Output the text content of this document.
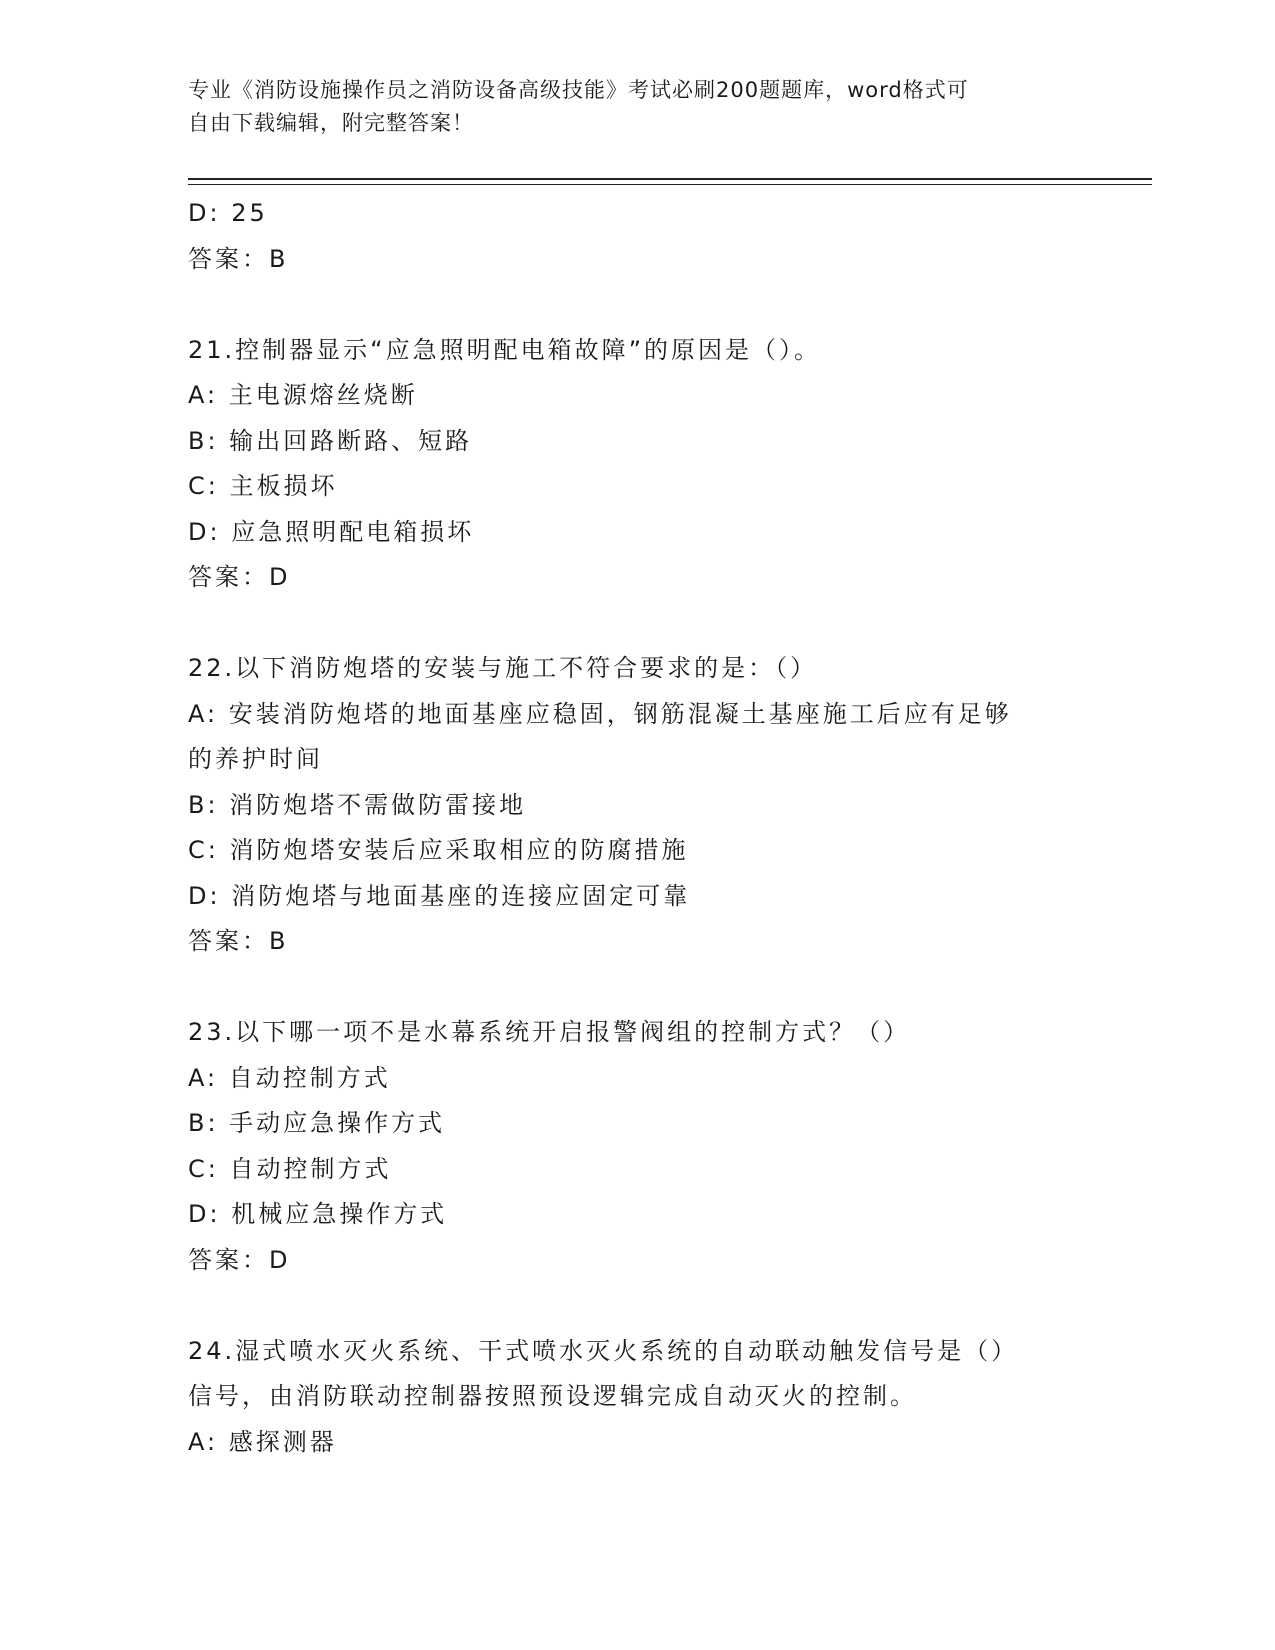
专业《消防设施操作员之消防设备高级技能》考试必刷200题题库，word格式可
自由下载编辑，附完整答案！
D: 25
答案：B
21.控制器显示“应急照明配电箱故障”的原因是（）。
A: 主电源熔丝烧断
B: 输出回路断路、短路
C: 主板损坏
D: 应急照明配电箱损坏
答案：D
22.以下消防炮塔的安装与施工不符合要求的是：（）
A: 安装消防炮塔的地面基座应稳固，钢筋混凝土基座施工后应有足够
的养护时间
B: 消防炮塔不需做防雷接地
C: 消防炮塔安装后应采取相应的防腐措施
D: 消防炮塔与地面基座的连接应固定可靠
答案：B
23.以下哪一项不是水幕系统开启报警阀组的控制方式？（）
A: 自动控制方式
B: 手动应急操作方式
C: 自动控制方式
D: 机械应急操作方式
答案：D
24.湿式喷水灭火系统、干式喷水灭火系统的自动联动触发信号是（）
信号，由消防联动控制器按照预设逻辑完成自动灭火的控制。
A: 感探测器
